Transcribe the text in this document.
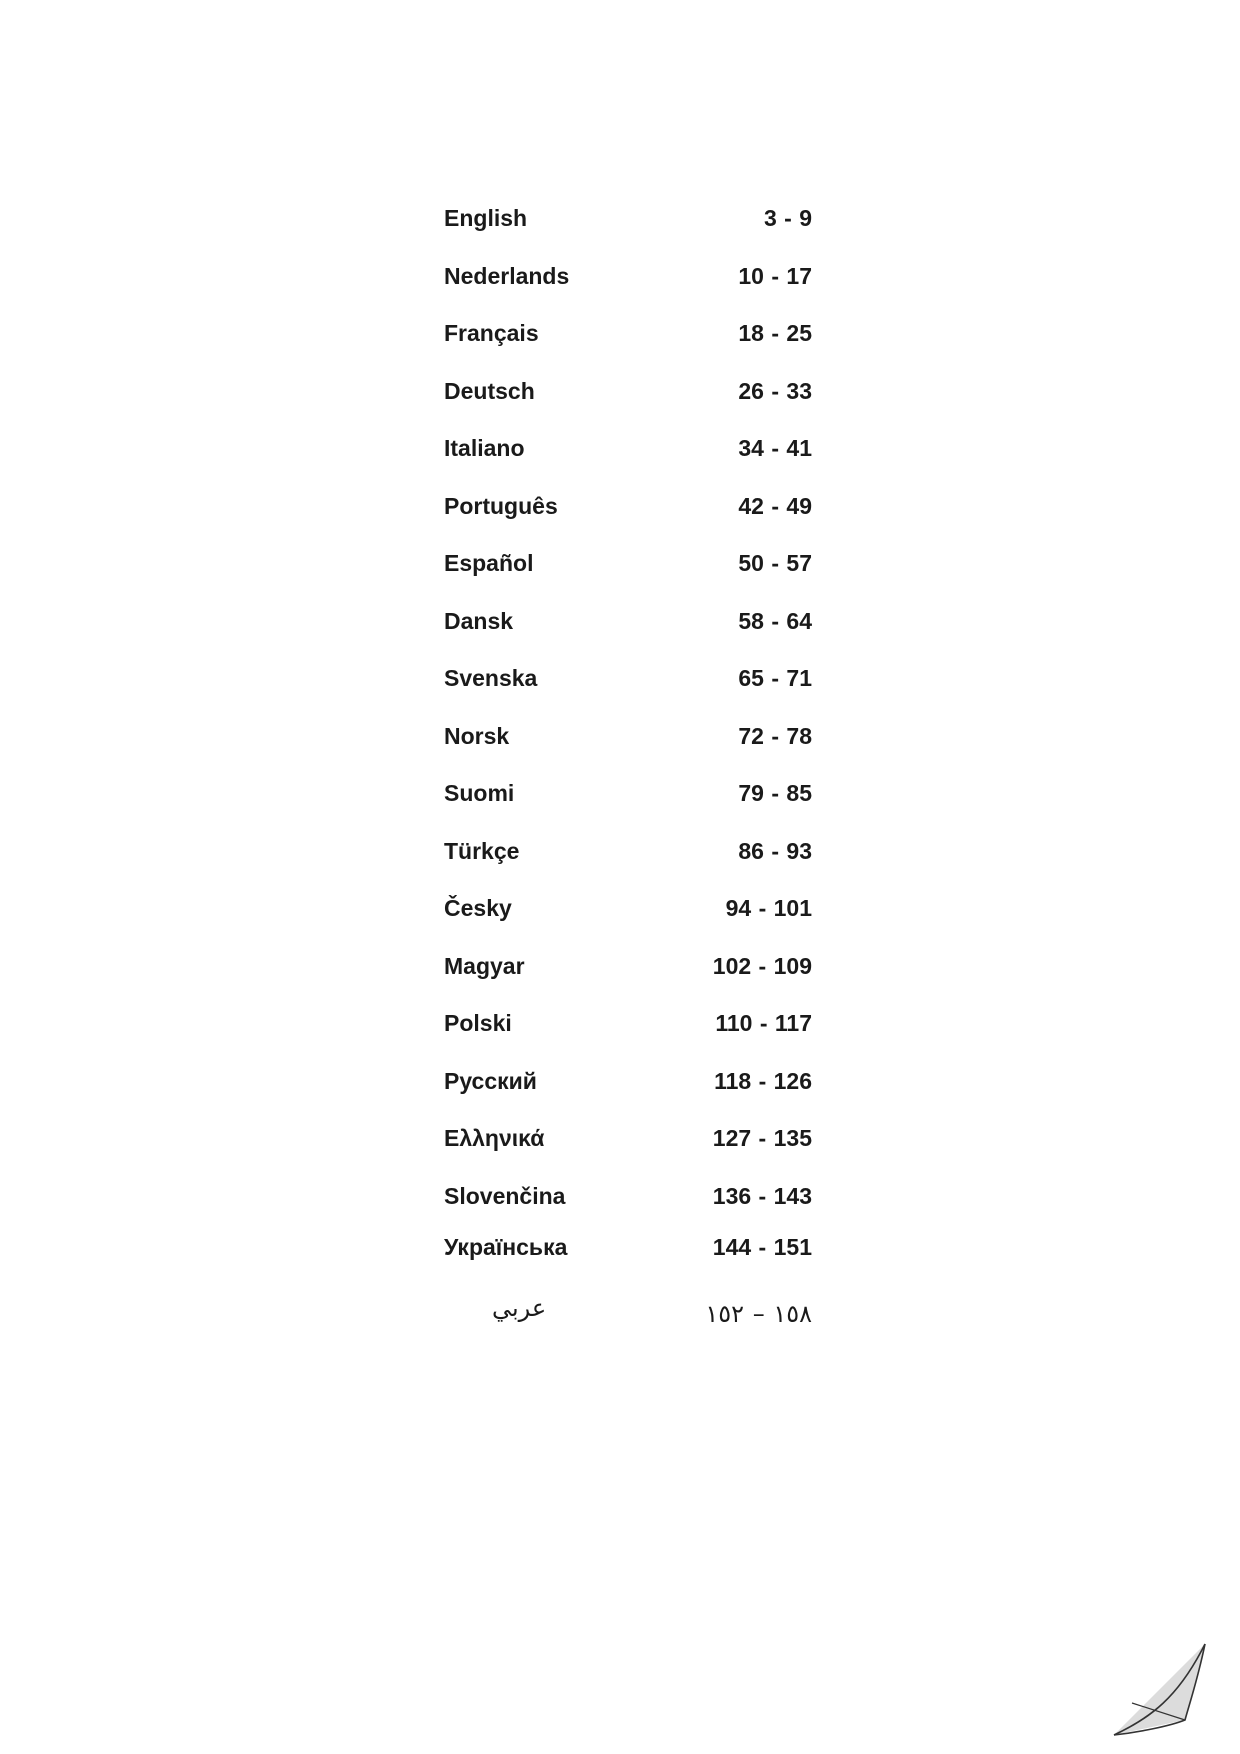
English	3 - 9
Nederlands	10 - 17
Français	18 - 25
Deutsch	26 - 33
Italiano	34 - 41
Português	42 - 49
Español	50 - 57
Dansk	58 - 64
Svenska	65 - 71
Norsk	72 - 78
Suomi	79 - 85
Türkçe	86 - 93
Česky	94 - 101
Magyar	102 - 109
Polski	110 - 117
Русский	118 - 126
Ελληνικά	127 - 135
Slovenčina	136 - 143
Українська	144 - 151
عربي	١٥٨ – ١٥٢
